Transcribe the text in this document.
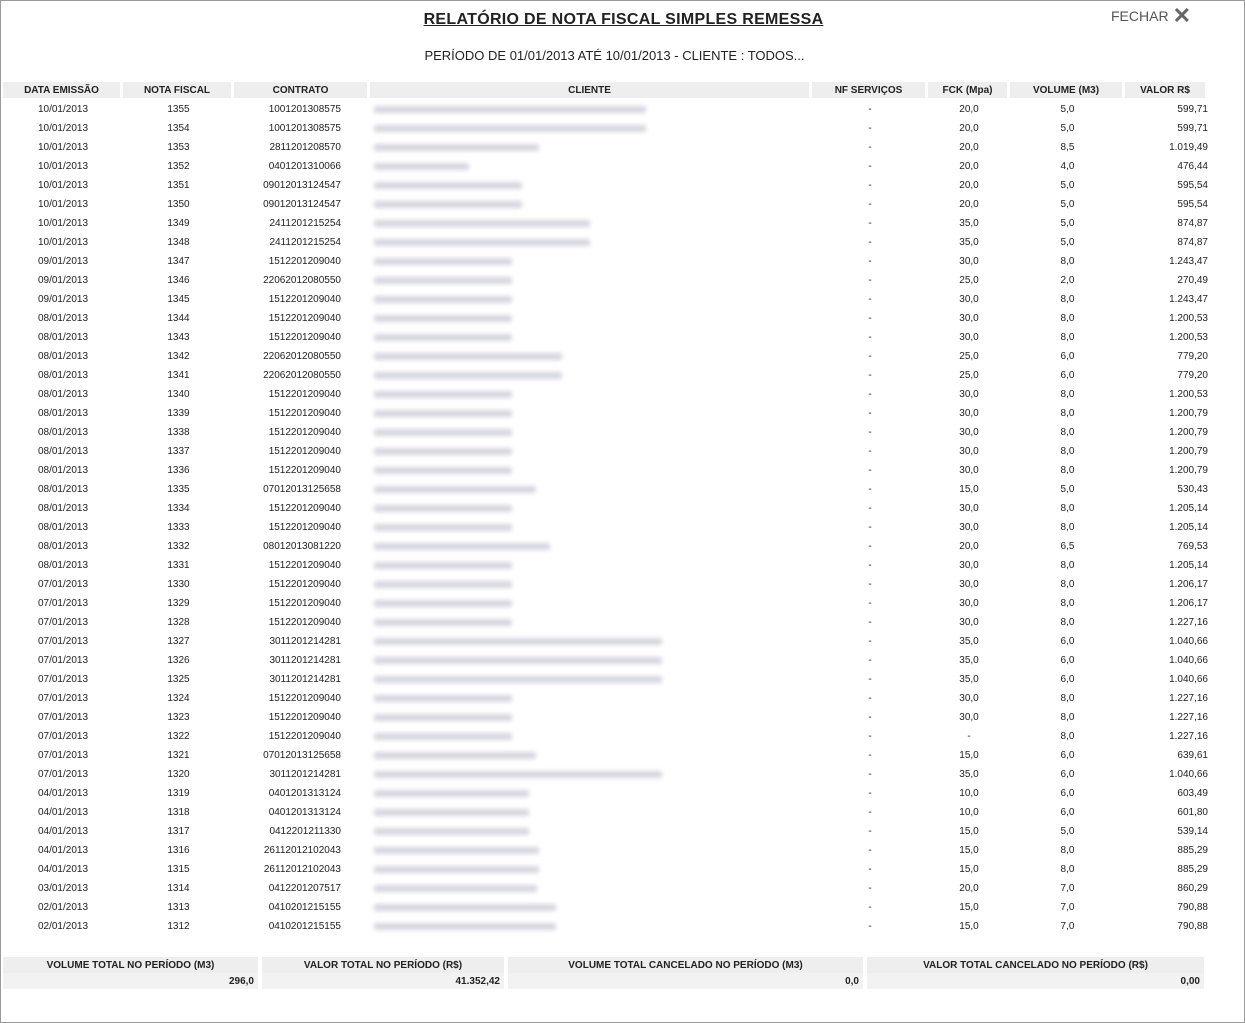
RELATÓRIO DE NOTA FISCAL SIMPLES REMESSA	FECHAR ✕
PERÍODO DE 01/01/2013 ATÉ 10/01/2013 - CLIENTE : TODOS...
DATA EMISSÃO	NOTA FISCAL	CONTRATO	CLIENTE	NF SERVIÇOS	FCK (Mpa)	VOLUME (M3)	VALOR R$
10/01/2013	1355	1001201308575		-	20,0	5,0	599,71
10/01/2013	1354	1001201308575		-	20,0	5,0	599,71
10/01/2013	1353	2811201208570		-	20,0	8,5	1.019,49
10/01/2013	1352	0401201310066		-	20,0	4,0	476,44
10/01/2013	1351	09012013124547		-	20,0	5,0	595,54
10/01/2013	1350	09012013124547		-	20,0	5,0	595,54
10/01/2013	1349	2411201215254		-	35,0	5,0	874,87
10/01/2013	1348	2411201215254		-	35,0	5,0	874,87
09/01/2013	1347	1512201209040		-	30,0	8,0	1.243,47
09/01/2013	1346	22062012080550		-	25,0	2,0	270,49
09/01/2013	1345	1512201209040		-	30,0	8,0	1.243,47
08/01/2013	1344	1512201209040		-	30,0	8,0	1.200,53
08/01/2013	1343	1512201209040		-	30,0	8,0	1.200,53
08/01/2013	1342	22062012080550		-	25,0	6,0	779,20
08/01/2013	1341	22062012080550		-	25,0	6,0	779,20
08/01/2013	1340	1512201209040		-	30,0	8,0	1.200,53
08/01/2013	1339	1512201209040		-	30,0	8,0	1.200,79
08/01/2013	1338	1512201209040		-	30,0	8,0	1.200,79
08/01/2013	1337	1512201209040		-	30,0	8,0	1.200,79
08/01/2013	1336	1512201209040		-	30,0	8,0	1.200,79
08/01/2013	1335	07012013125658		-	15,0	5,0	530,43
08/01/2013	1334	1512201209040		-	30,0	8,0	1.205,14
08/01/2013	1333	1512201209040		-	30,0	8,0	1.205,14
08/01/2013	1332	08012013081220		-	20,0	6,5	769,53
08/01/2013	1331	1512201209040		-	30,0	8,0	1.205,14
07/01/2013	1330	1512201209040		-	30,0	8,0	1.206,17
07/01/2013	1329	1512201209040		-	30,0	8,0	1.206,17
07/01/2013	1328	1512201209040		-	30,0	8,0	1.227,16
07/01/2013	1327	3011201214281		-	35,0	6,0	1.040,66
07/01/2013	1326	3011201214281		-	35,0	6,0	1.040,66
07/01/2013	1325	3011201214281		-	35,0	6,0	1.040,66
07/01/2013	1324	1512201209040		-	30,0	8,0	1.227,16
07/01/2013	1323	1512201209040		-	30,0	8,0	1.227,16
07/01/2013	1322	1512201209040		-	-	8,0	1.227,16
07/01/2013	1321	07012013125658		-	15,0	6,0	639,61
07/01/2013	1320	3011201214281		-	35,0	6,0	1.040,66
04/01/2013	1319	0401201313124		-	10,0	6,0	603,49
04/01/2013	1318	0401201313124		-	10,0	6,0	601,80
04/01/2013	1317	0412201211330		-	15,0	5,0	539,14
04/01/2013	1316	26112012102043		-	15,0	8,0	885,29
04/01/2013	1315	26112012102043		-	15,0	8,0	885,29
03/01/2013	1314	0412201207517		-	20,0	7,0	860,29
02/01/2013	1313	0410201215155		-	15,0	7,0	790,88
02/01/2013	1312	0410201215155		-	15,0	7,0	790,88
VOLUME TOTAL NO PERÍODO (M3)	VALOR TOTAL NO PERÍODO (R$)	VOLUME TOTAL CANCELADO NO PERÍODO (M3)	VALOR TOTAL CANCELADO NO PERÍODO (R$)
296,0	41.352,42	0,0	0,00
